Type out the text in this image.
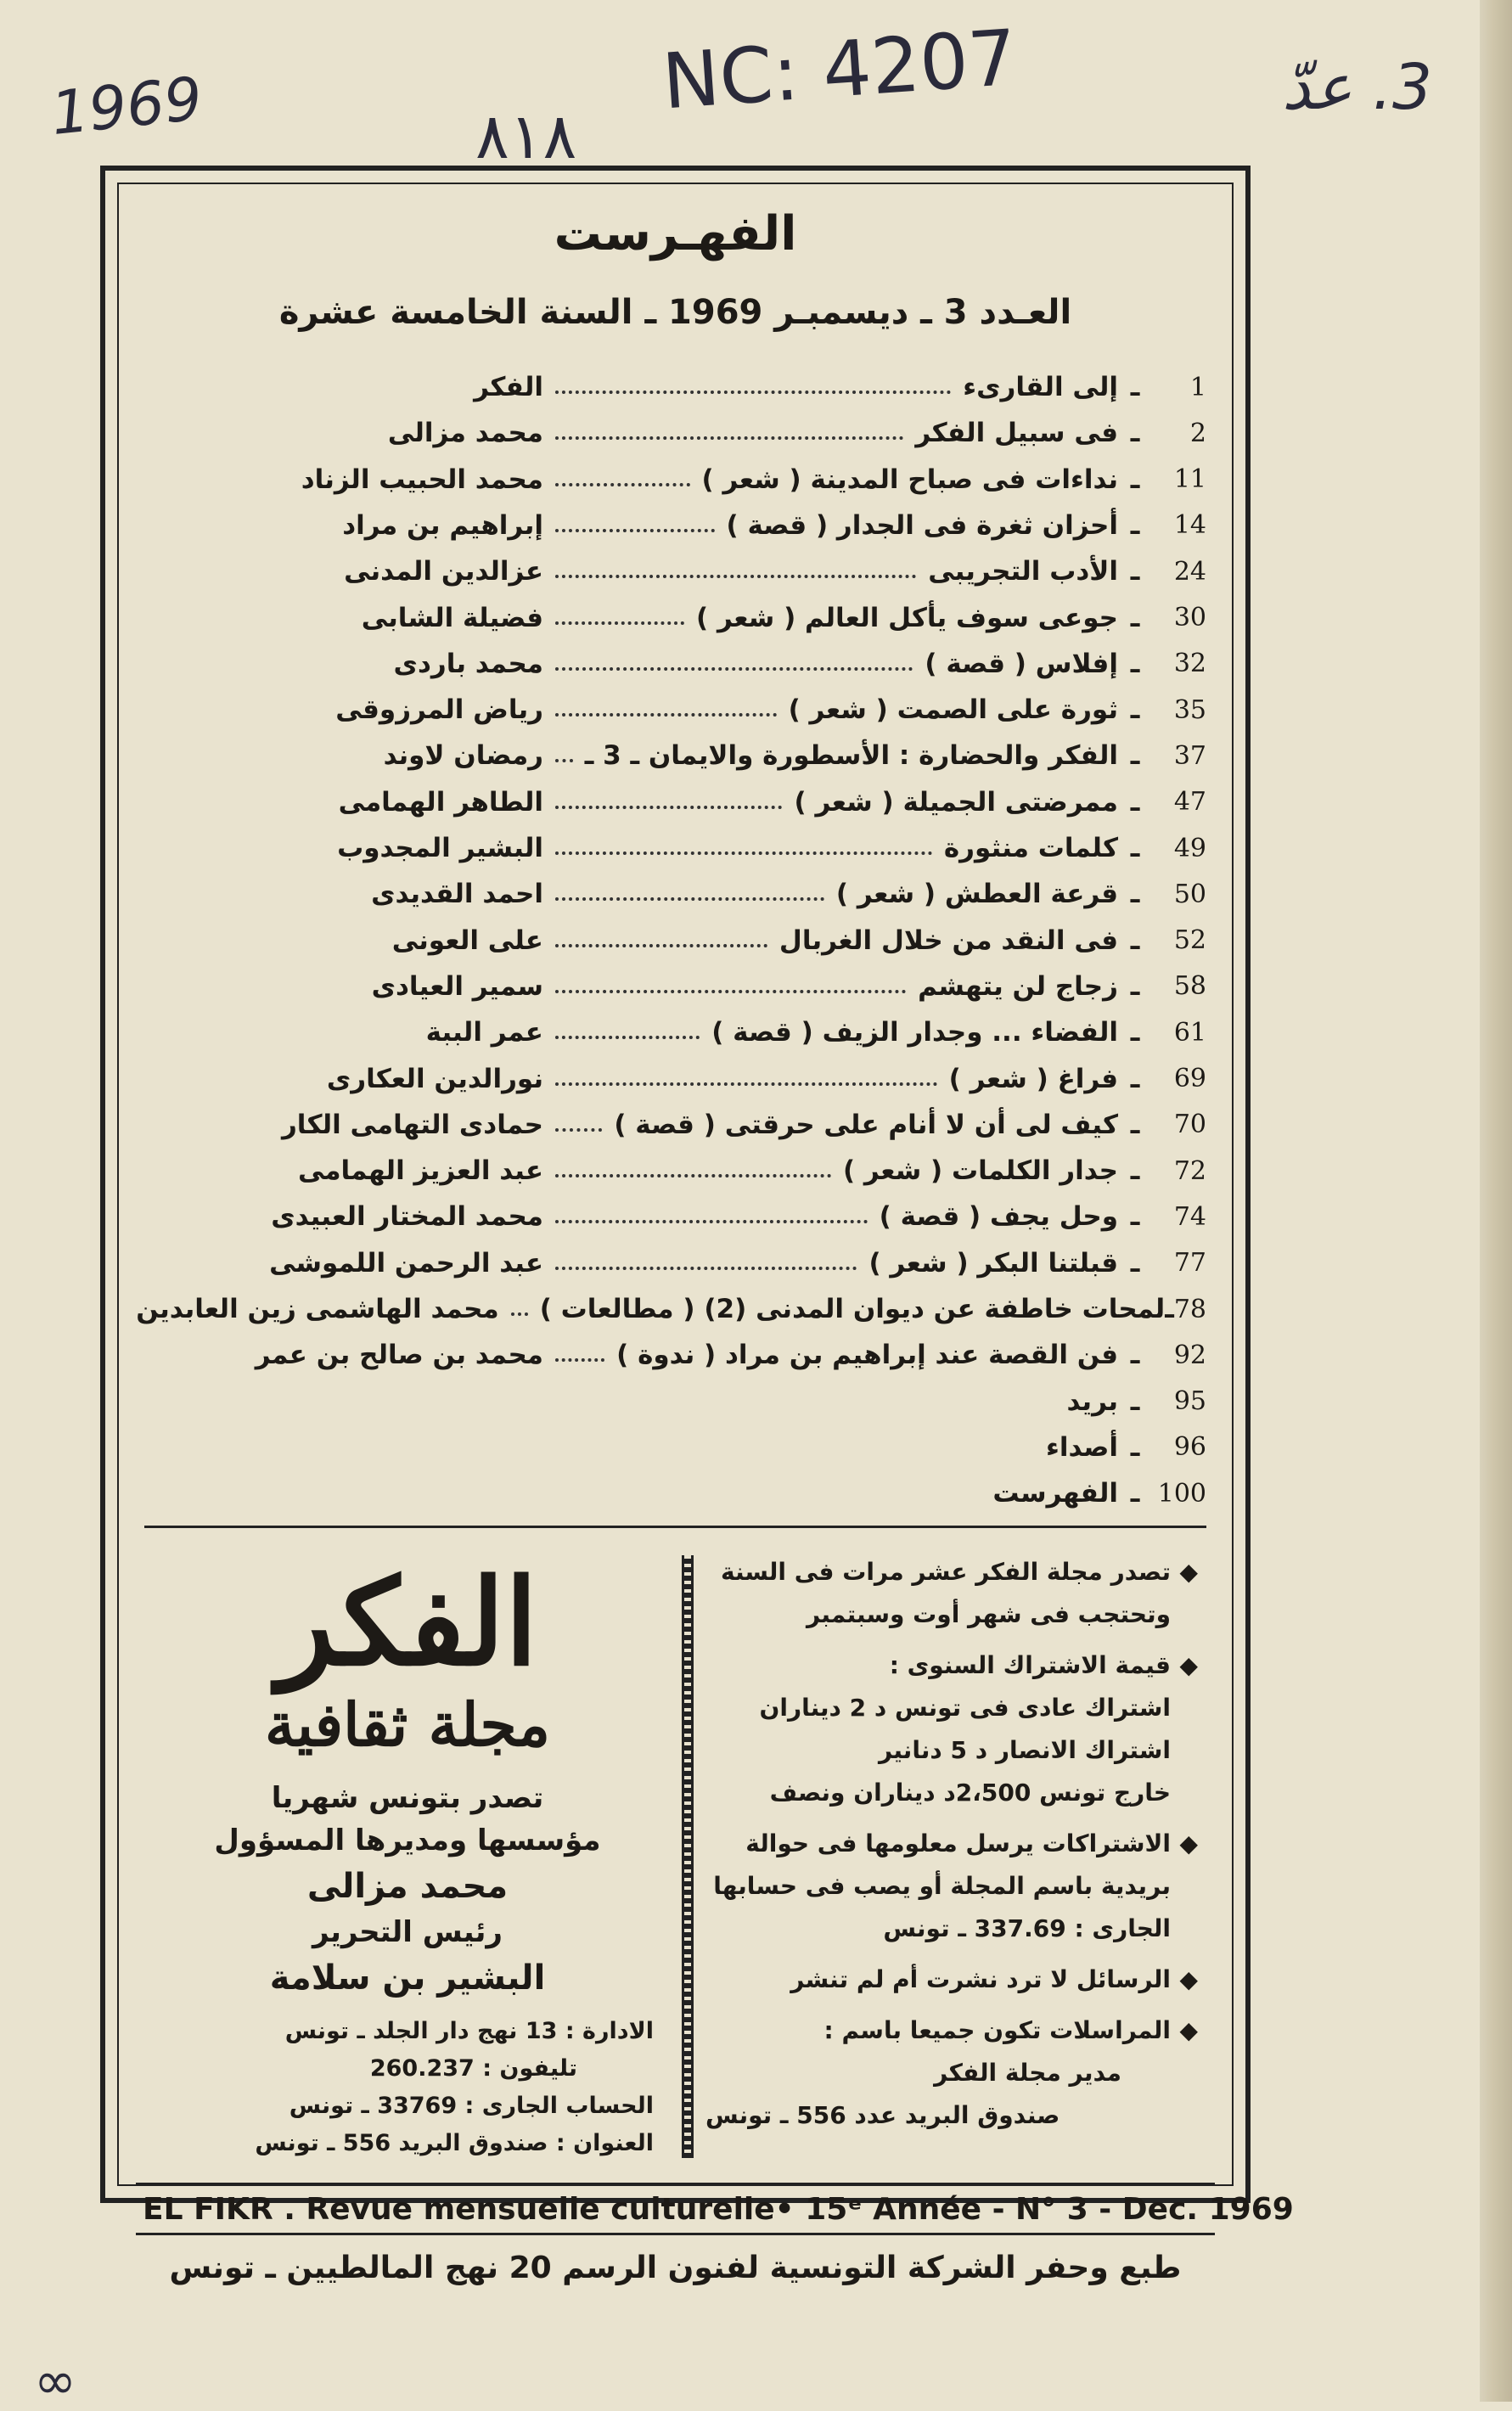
1969	NC: 4207
٨١٨
3. عدّ
∞
الفهـرست
العـدد 3 ـ ديسمبـر 1969 ـ السنة الخامسة عشرة
1
ـ
إلى القارىء
الفكر
2
ـ
فى سبيل الفكر
محمد مزالى
11
ـ
نداءات فى صباح المدينة ( شعر )
محمد الحبيب الزناد
14
ـ
أحزان ثغرة فى الجدار ( قصة )
إبراهيم بن مراد
24
ـ
الأدب التجريبى
عزالدين المدنى
30
ـ
جوعى سوف يأكل العالم ( شعر )
فضيلة الشابى
32
ـ
إفلاس ( قصة )
محمد باردى
35
ـ
ثورة على الصمت ( شعر )
رياض المرزوقى
37
ـ
الفكر والحضارة : الأسطورة والايمان ـ 3 ـ
رمضان لاوند
47
ـ
ممرضتى الجميلة ( شعر )
الطاهر الهمامى
49
ـ
كلمات منثورة
البشير المجدوب
50
ـ
قرعة العطش ( شعر )
احمد القديدى
52
ـ
فى النقد من خلال الغربال
على العونى
58
ـ
زجاج لن يتهشم
سمير العيادى
61
ـ
الفضاء ... وجدار الزيف ( قصة )
عمر الببة
69
ـ
فراغ ( شعر )
نورالدين العكارى
70
ـ
كيف لى أن لا أنام على حرقتى ( قصة )
حمادى التهامى الكار
72
ـ
جدار الكلمات ( شعر )
عبد العزيز الهمامى
74
ـ
وحل يجف ( قصة )
محمد المختار العبيدى
77
ـ
قبلتنا البكر ( شعر )
عبد الرحمن اللموشى
78
ـ
لمحات خاطفة عن ديوان المدنى (2) ( مطالعات )
محمد الهاشمى زين العابدين
92
ـ
فن القصة عند إبراهيم بن مراد ( ندوة )
محمد بن صالح بن عمر
95
ـ
بريد
96
ـ
أصداء
100
ـ
الفهرست
◆
تصدر مجلة الفكر عشر مرات فى السنة وتحتجب فى شهر أوت وسبتمبر
◆
قيمة الاشتراك السنوى :
اشتراك عادى فى تونس د 2 ديناران
اشتراك الانصار د 5 دنانير
خارج تونس 2،500د ديناران ونصف
◆
الاشتراكات يرسل معلومها فى حوالة بريدية باسم المجلة أو يصب فى حسابها الجارى : 337.69 ـ تونس
◆
الرسائل لا ترد نشرت أم لم تنشر
◆
المراسلات تكون جميعا باسم :
مدير مجلة الفكر
صندوق البريد عدد 556 ـ تونس
الفكر
مجلة ثقافية
تصدر بتونس شهريا
مؤسسها ومديرها المسؤول
محمد مزالى
رئيس التحرير
البشير بن سلامة
الادارة : 13 نهج دار الجلد ـ تونس
تليفون : 260.237
الحساب الجارى : 33769 ـ تونس
العنوان : صندوق البريد 556 ـ تونس
EL FIKR . Revue mensuelle culturelle • 15ᵉ Année - N° 3 - Dec. 1969
طبع وحفر الشركة التونسية لفنون الرسم 20 نهج المالطيين ـ تونس
